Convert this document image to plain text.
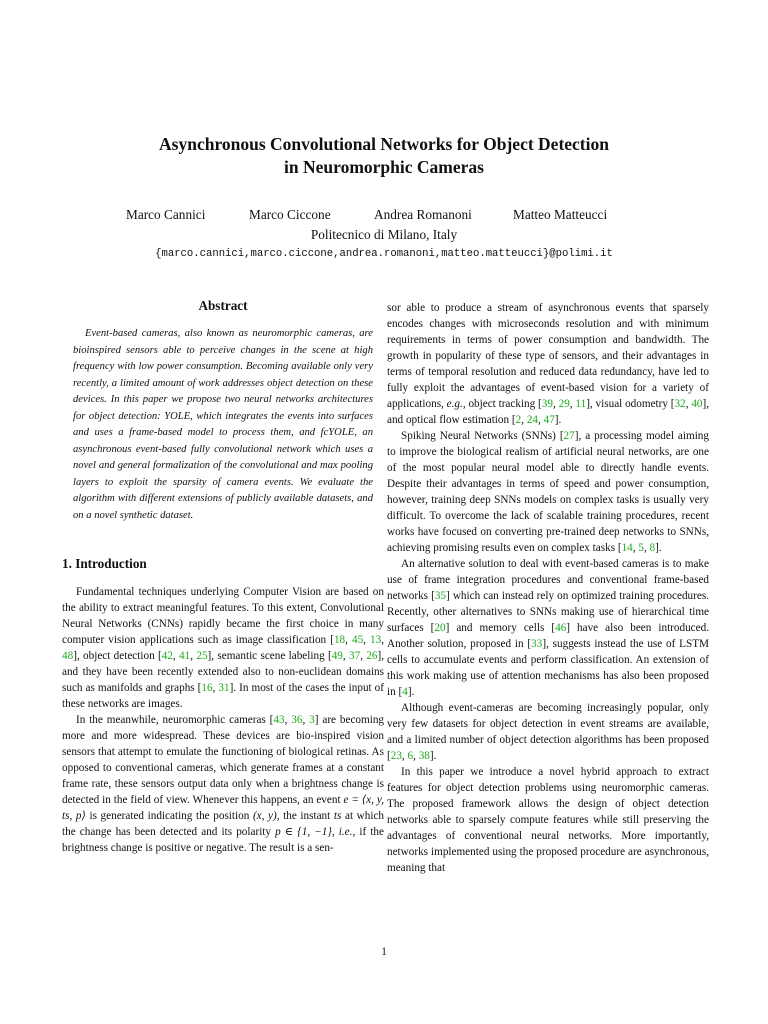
Asynchronous Convolutional Networks for Object Detection
in Neuromorphic Cameras
Marco Cannici	Marco Ciccone	Andrea Romanoni	Matteo Matteucci
Politecnico di Milano, Italy
{marco.cannici,marco.ciccone,andrea.romanoni,matteo.matteucci}@polimi.it
Abstract

Event-based cameras, also known as neuromorphic cameras, are bioinspired sensors able to perceive changes in the scene at high frequency with low power consumption. Becoming available only very recently, a limited amount of work addresses object detection on these devices. In this paper we propose two neural networks architectures for object detection: YOLE, which integrates the events into surfaces and uses a frame-based model to process them, and fcYOLE, an asynchronous event-based fully convolutional network which uses a novel and general formalization of the convolutional and max pooling layers to exploit the sparsity of camera events. We evaluate the algorithm with different extensions of publicly available datasets, and on a novel synthetic dataset.

1. Introduction

Fundamental techniques underlying Computer Vision are based on the ability to extract meaningful features. To this extent, Convolutional Neural Networks (CNNs) rapidly became the first choice in many computer vision applications such as image classification [18, 45, 13, 48], object detection [42, 41, 25], semantic scene labeling [49, 37, 26], and they have been recently extended also to non-euclidean domains such as manifolds and graphs [16, 31]. In most of the cases the input of these networks are images.

In the meanwhile, neuromorphic cameras [43, 36, 3] are becoming more and more widespread. These devices are bio-inspired vision sensors that attempt to emulate the functioning of biological retinas. As opposed to conventional cameras, which generate frames at a constant frame rate, these sensors output data only when a brightness change is detected in the field of view. Whenever this happens, an event e = ⟨x, y, ts, p⟩ is generated indicating the position (x, y), the instant ts at which the change has been detected and its polarity p ∈ {1, −1}, i.e., if the brightness change is positive or negative. The result is a sen-

sor able to produce a stream of asynchronous events that sparsely encodes changes with microseconds resolution and with minimum requirements in terms of power consumption and bandwidth. The growth in popularity of these type of sensors, and their advantages in terms of temporal resolution and reduced data redundancy, have led to fully exploit the advantages of event-based vision for a variety of applications, e.g., object tracking [39, 29, 11], visual odometry [32, 40], and optical flow estimation [2, 24, 47].

Spiking Neural Networks (SNNs) [27], a processing model aiming to improve the biological realism of artificial neural networks, are one of the most popular neural model able to directly handle events. Despite their advantages in terms of speed and power consumption, however, training deep SNNs models on complex tasks is usually very difficult. To overcome the lack of scalable training procedures, recent works have focused on converting pre-trained deep networks to SNNs, achieving promising results even on complex tasks [14, 5, 8].

An alternative solution to deal with event-based cameras is to make use of frame integration procedures and conventional frame-based networks [35] which can instead rely on optimized training procedures. Recently, other alternatives to SNNs making use of hierarchical time surfaces [20] and memory cells [46] have also been introduced. Another solution, proposed in [33], suggests instead the use of LSTM cells to accumulate events and perform classification. An extension of this work making use of attention mechanisms has also been proposed in [4].

Although event-cameras are becoming increasingly popular, only very few datasets for object detection in event streams are available, and a limited number of object detection algorithms has been proposed [23, 6, 38].

In this paper we introduce a novel hybrid approach to extract features for object detection problems using neuromorphic cameras. The proposed framework allows the design of object detection networks able to sparsely compute features while still preserving the advantages of conventional neural networks. More importantly, networks implemented using the proposed procedure are asynchronous, meaning that

1
